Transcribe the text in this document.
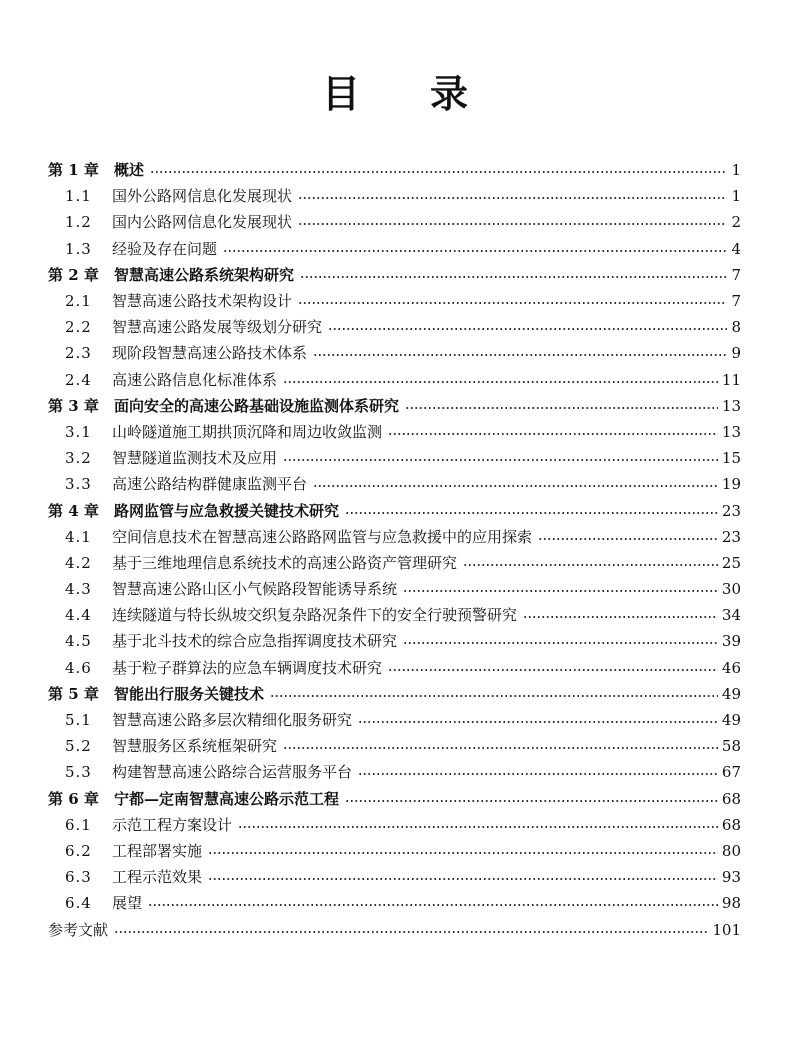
目 录
第 1 章	概述	1
1.1	国外公路网信息化发展现状	1
1.2	国内公路网信息化发展现状	2
1.3	经验及存在问题	4
第 2 章	智慧高速公路系统架构研究	7
2.1	智慧高速公路技术架构设计	7
2.2	智慧高速公路发展等级划分研究	8
2.3	现阶段智慧高速公路技术体系	9
2.4	高速公路信息化标准体系	11
第 3 章	面向安全的高速公路基础设施监测体系研究	13
3.1	山岭隧道施工期拱顶沉降和周边收敛监测	13
3.2	智慧隧道监测技术及应用	15
3.3	高速公路结构群健康监测平台	19
第 4 章	路网监管与应急救援关键技术研究	23
4.1	空间信息技术在智慧高速公路路网监管与应急救援中的应用探索	23
4.2	基于三维地理信息系统技术的高速公路资产管理研究	25
4.3	智慧高速公路山区小气候路段智能诱导系统	30
4.4	连续隧道与特长纵坡交织复杂路况条件下的安全行驶预警研究	34
4.5	基于北斗技术的综合应急指挥调度技术研究	39
4.6	基于粒子群算法的应急车辆调度技术研究	46
第 5 章	智能出行服务关键技术	49
5.1	智慧高速公路多层次精细化服务研究	49
5.2	智慧服务区系统框架研究	58
5.3	构建智慧高速公路综合运营服务平台	67
第 6 章	宁都—定南智慧高速公路示范工程	68
6.1	示范工程方案设计	68
6.2	工程部署实施	80
6.3	工程示范效果	93
6.4	展望	98
参考文献	101
